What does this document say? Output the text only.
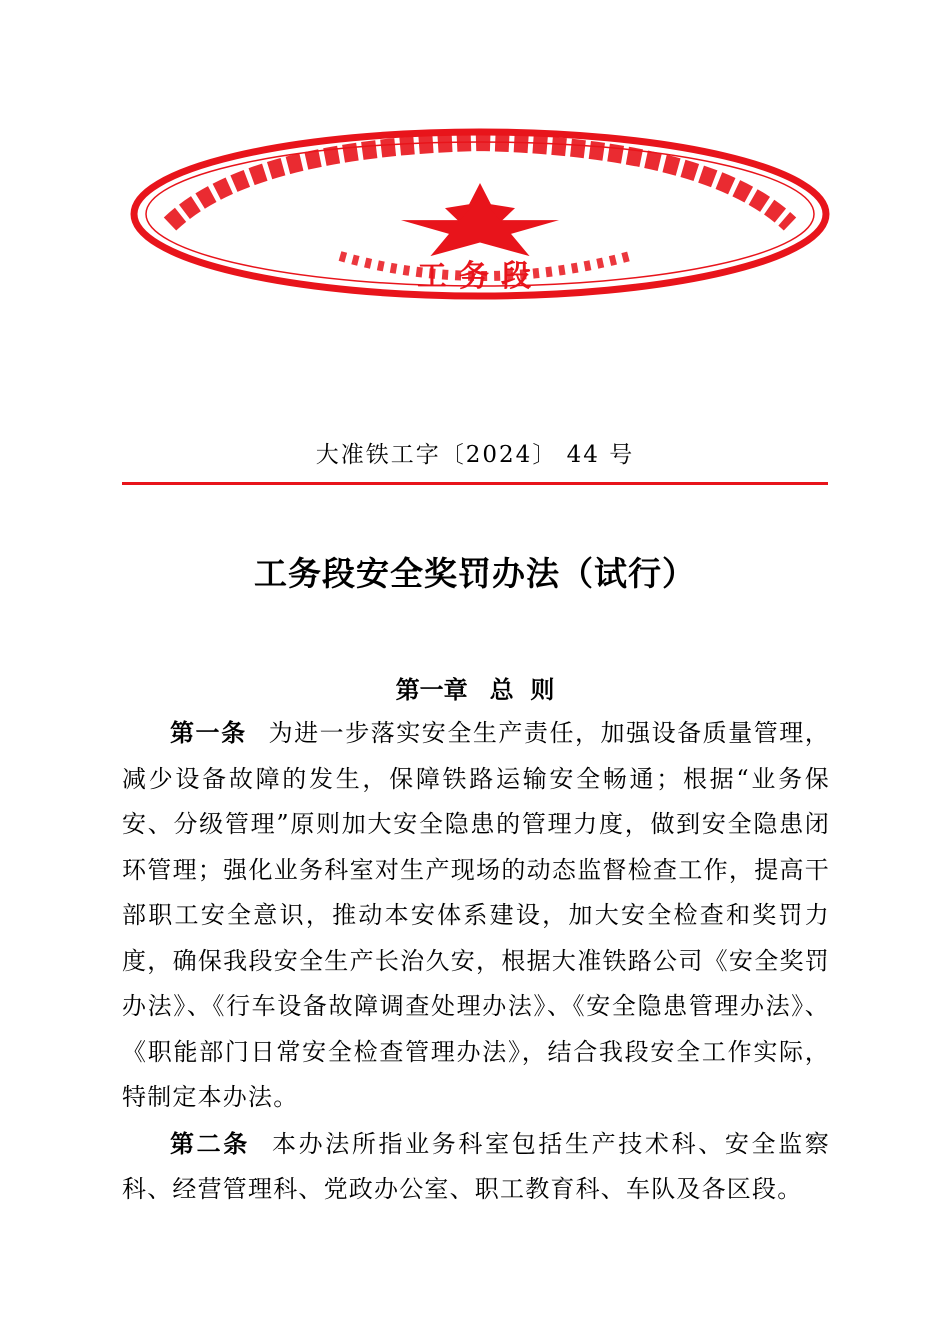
工务段
大准铁工字〔2024〕 44 号
工务段安全奖罚办法（试行）
第一章 总  则

第一条 为进一步落实安全生产责任，加强设备质量管理，减少设备故障的发生，保障铁路运输安全畅通；根据“业务保安、分级管理”原则加大安全隐患的管理力度，做到安全隐患闭环管理；强化业务科室对生产现场的动态监督检查工作，提高干部职工安全意识，推动本安体系建设，加大安全检查和奖罚力度，确保我段安全生产长治久安，根据大准铁路公司《安全奖罚办法》、《行车设备故障调查处理办法》、《安全隐患管理办法》、《职能部门日常安全检查管理办法》，结合我段安全工作实际，特制定本办法。

第二条 本办法所指业务科室包括生产技术科、安全监察科、经营管理科、党政办公室、职工教育科、车队及各区段。
